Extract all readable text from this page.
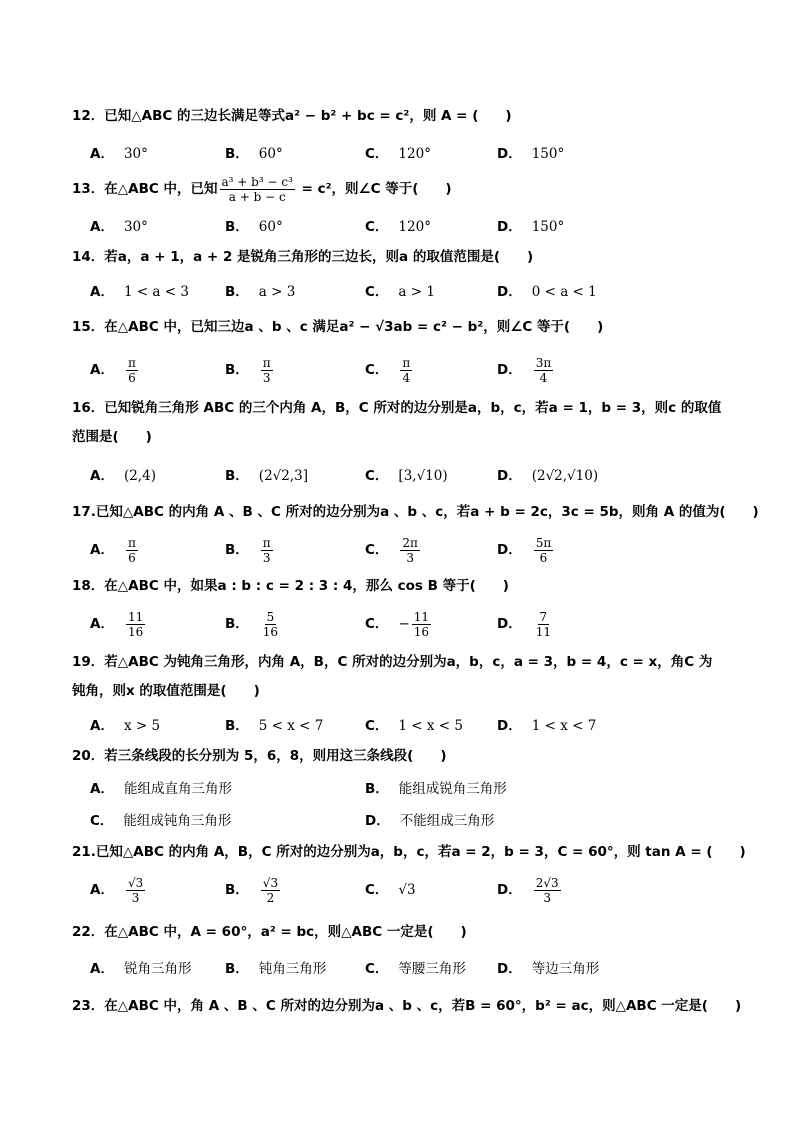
12．已知△ABC 的三边长满足等式a² − b² + bc = c²，则 A = (　　)
A． 30°	B． 60°	C． 120°	D． 150°
13．在△ABC 中，已知 $\frac{\text{a³ + b³ − c³}}{a + b - c} = c^2$，则∠C 等于(　　)
A． 30°	B． 60°	C． 120°	D． 150°
14．若a，a + 1，a + 2 是锐角三角形的三边长，则a 的取值范围是(　　)
A． 1 < a < 3	B． a > 3	C． a > 1	D． 0 < a < 1
15．在△ABC 中，已知三边a 、b 、c 满足a² − √3ab = c² − b²，则∠C 等于(　　)
A． $\frac{\pi}{6}$	B． $\frac{\pi}{3}$	C． $\frac{\pi}{4}$	D． $\frac{3\pi}{4}$
16．已知锐角三角形 ABC 的三个内角 A，B，C 所对的边分别是a，b，c，若a = 1，b = 3，则c 的取值
范围是(　　)
A． (2,4)	B． (2√2,3]	C． [3,√10)	D． (2√2,√10)
17.已知△ABC 的内角 A 、B 、C 所对的边分别为a 、b 、c，若a + b = 2c，3c = 5b，则角 A 的值为(　　)
A． $\frac{\pi}{6}$	B． $\frac{\pi}{3}$	C． $\frac{2\pi}{3}$	D． $\frac{5\pi}{6}$
18．在△ABC 中，如果a : b : c = 2 : 3 : 4，那么 cos B 等于(　　)
A． $\frac{11}{16}$	B． $\frac{5}{16}$	C． − $\frac{11}{16}$	D． $\frac{7}{11}$
19．若△ABC 为钝角三角形，内角 A，B，C 所对的边分别为a，b，c，a = 3，b = 4，c = x，角C 为
钝角，则x 的取值范围是(　　)
A． x > 5	B． 5 < x < 7	C． 1 < x < 5	D． 1 < x < 7
20．若三条线段的长分别为 5，6，8，则用这三条线段(　　)
A． 能组成直角三角形	B． 能组成锐角三角形
C． 能组成钝角三角形	D． 不能组成三角形
21.已知△ABC 的内角 A，B，C 所对的边分别为a，b，c，若a = 2，b = 3，C = 60°，则 tan A = (　　)
A． $\frac{√3}{3}$	B． $\frac{√3}{2}$	C． √3	D． $\frac{2√3}{3}$
22．在△ABC 中，A = 60°，a² = bc，则△ABC 一定是(　　)
A． 锐角三角形 B． 钝角三角形	C． 等腰三角形 D． 等边三角形
23．在△ABC 中，角 A 、B 、C 所对的边分别为a 、b 、c，若B = 60°，b² = ac，则△ABC 一定是(　　)
